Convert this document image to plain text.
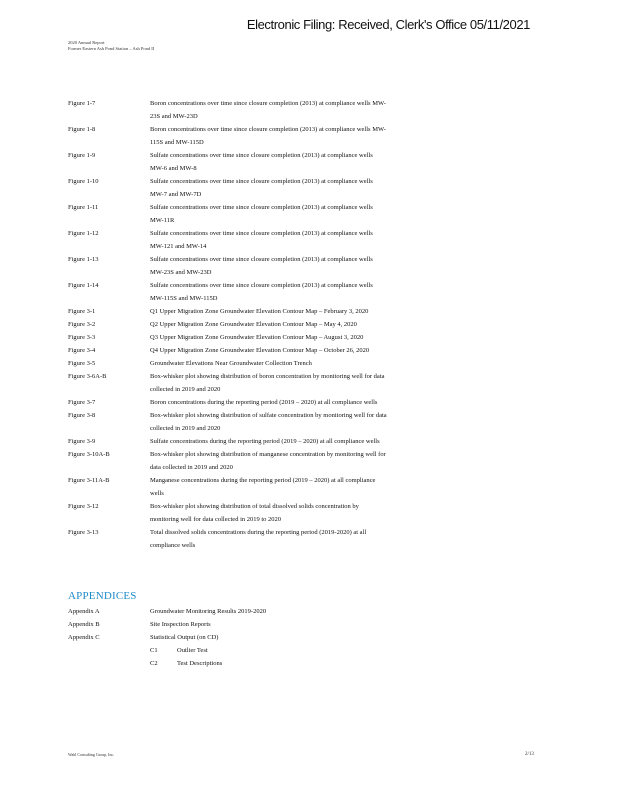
Electronic Filing: Received, Clerk's Office 05/11/2021
2020 Annual Report
Former Eastern Ash Pond Station – Ash Pond II
Figure 1-7	Boron concentrations over time since closure completion (2013) at compliance wells MW-23S and MW-23D
Figure 1-8	Boron concentrations over time since closure completion (2013) at compliance wells MW-115S and MW-115D
Figure 1-9	Sulfate concentrations over time since closure completion (2013) at compliance wells MW-6 and MW-8
Figure 1-10	Sulfate concentrations over time since closure completion (2013) at compliance wells MW-7 and MW-7D
Figure 1-11	Sulfate concentrations over time since closure completion (2013) at compliance wells MW-11R
Figure 1-12	Sulfate concentrations over time since closure completion (2013) at compliance wells MW-121 and MW-14
Figure 1-13	Sulfate concentrations over time since closure completion (2013) at compliance wells MW-23S and MW-23D
Figure 1-14	Sulfate concentrations over time since closure completion (2013) at compliance wells MW-115S and MW-115D
Figure 3-1	Q1 Upper Migration Zone Groundwater Elevation Contour Map – February 3, 2020
Figure 3-2	Q2 Upper Migration Zone Groundwater Elevation Contour Map – May 4, 2020
Figure 3-3	Q3 Upper Migration Zone Groundwater Elevation Contour Map – August 3, 2020
Figure 3-4	Q4 Upper Migration Zone Groundwater Elevation Contour Map – October 26, 2020
Figure 3-5	Groundwater Elevations Near Groundwater Collection Trench
Figure 3-6A-B	Box-whisker plot showing distribution of boron concentration by monitoring well for data collected in 2019 and 2020
Figure 3-7	Boron concentrations during the reporting period (2019 – 2020) at all compliance wells
Figure 3-8	Box-whisker plot showing distribution of sulfate concentration by monitoring well for data collected in 2019 and 2020
Figure 3-9	Sulfate concentrations during the reporting period (2019 – 2020) at all compliance wells
Figure 3-10A-B	Box-whisker plot showing distribution of manganese concentration by monitoring well for data collected in 2019 and 2020
Figure 3-11A-B	Manganese concentrations during the reporting period (2019 – 2020) at all compliance wells
Figure 3-12	Box-whisker plot showing distribution of total dissolved solids concentration by monitoring well for data collected in 2019 to 2020
Figure 3-13	Total dissolved solids concentrations during the reporting period (2019-2020) at all compliance wells
APPENDICES
Appendix A	Groundwater Monitoring Results 2019-2020
Appendix B	Site Inspection Reports
Appendix C	Statistical Output (on CD)
C1	Outlier Test
C2	Test Descriptions
Wahl Consulting Group, Inc.	2/13
